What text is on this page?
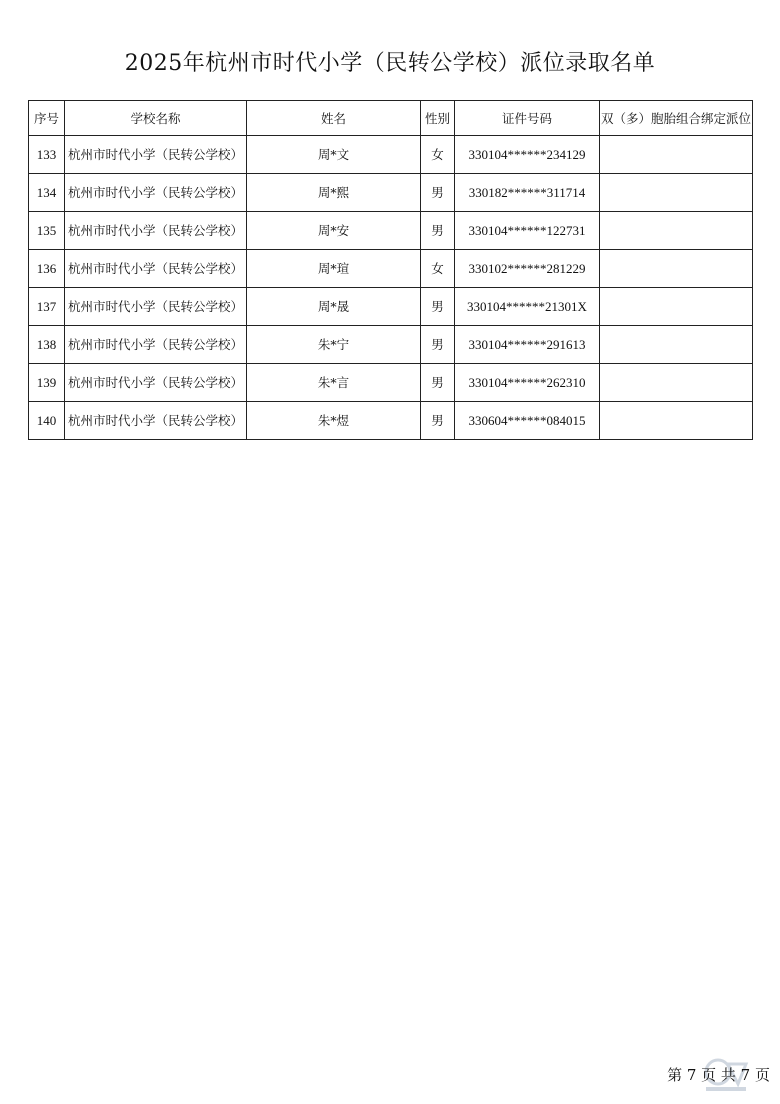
2025年杭州市时代小学（民转公学校）派位录取名单
序号	学校名称	姓名	性别	证件号码	双（多）胞胎组合绑定派位
133	杭州市时代小学（民转公学校）	周*文	女	330104******234129	
134	杭州市时代小学（民转公学校）	周*熙	男	330182******311714	
135	杭州市时代小学（民转公学校）	周*安	男	330104******122731	
136	杭州市时代小学（民转公学校）	周*瑄	女	330102******281229	
137	杭州市时代小学（民转公学校）	周*晟	男	330104******21301X	
138	杭州市时代小学（民转公学校）	朱*宁	男	330104******291613	
139	杭州市时代小学（民转公学校）	朱*言	男	330104******262310	
140	杭州市时代小学（民转公学校）	朱*煜	男	330604******084015	
第 7 页 共 7 页
